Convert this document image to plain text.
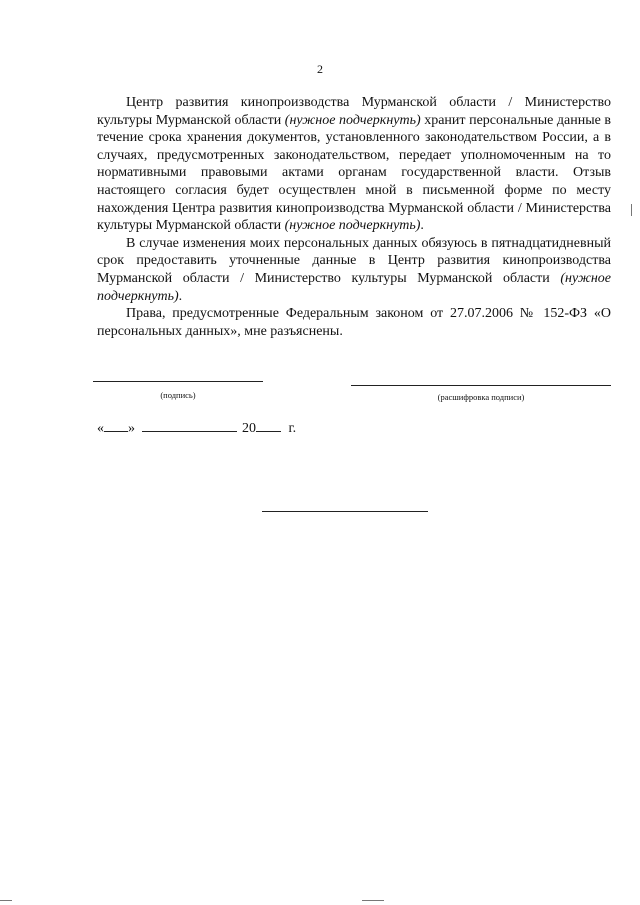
2

Центр развития кинопроизводства Мурманской области / Министерство культуры Мурманской области (нужное подчеркнуть) хранит персональные данные в течение срока хранения документов, установленного законодательством России, а в случаях, предусмотренных законодательством, передает уполномоченным на то нормативными правовыми актами органам государственной власти. Отзыв настоящего согласия будет осуществлен мной в письменной форме по месту нахождения Центра развития кинопроизводства Мурманской области / Министерства культуры Мурманской области (нужное подчеркнуть).

В случае изменения моих персональных данных обязуюсь в пятнадцатидневный срок предоставить уточненные данные в Центр развития кинопроизводства Мурманской области / Министерство культуры Мурманской области (нужное подчеркнуть).

Права, предусмотренные Федеральным законом от 27.07.2006 № 152-ФЗ «О персональных данных», мне разъяснены.

(подпись)	(расшифровка подписи)
« »	20 г.
